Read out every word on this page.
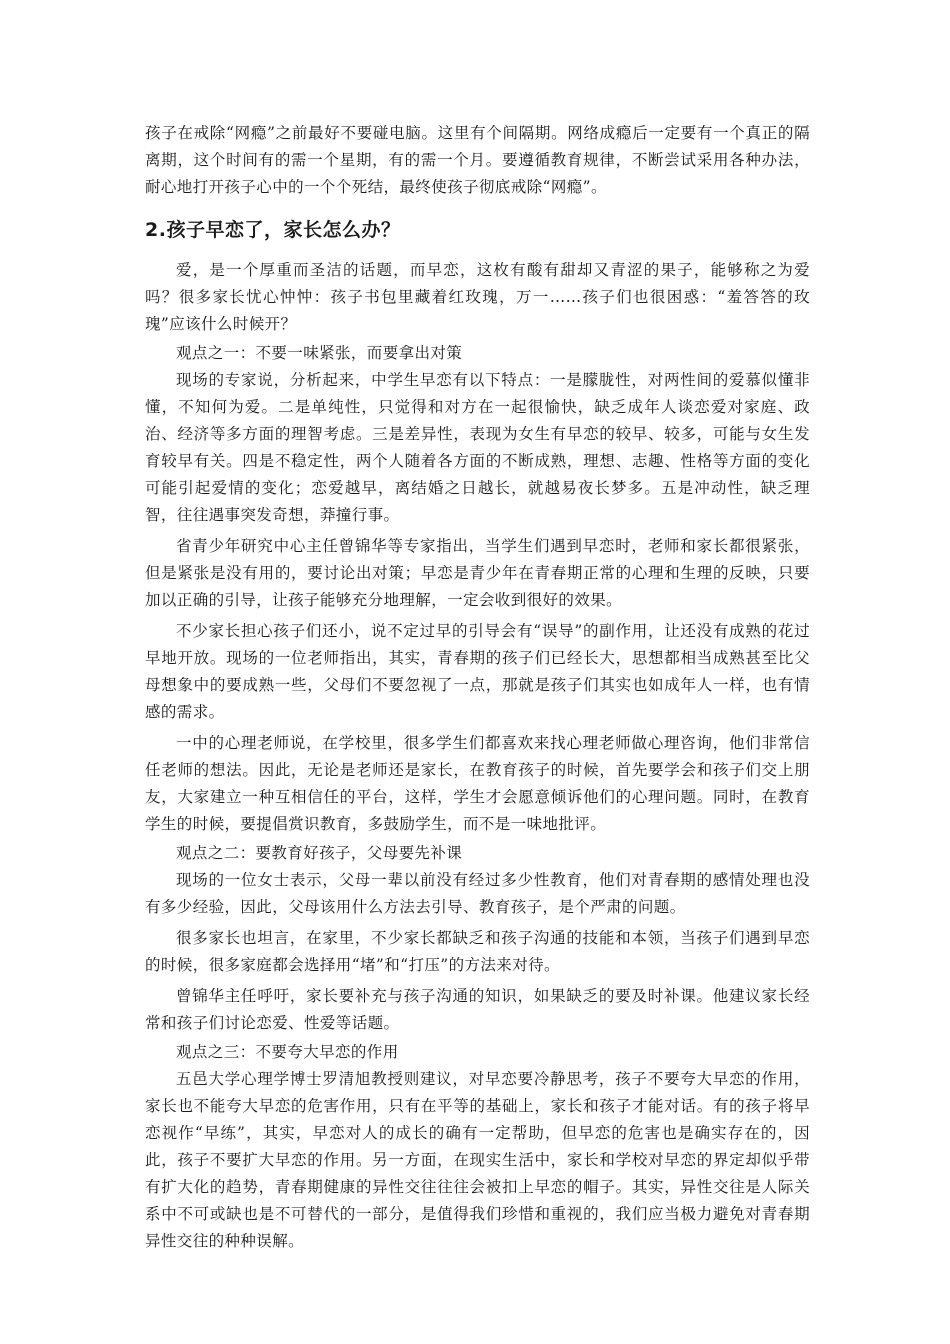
孩子在戒除“网瘾”之前最好不要碰电脑。这里有个间隔期。网络成瘾后一定要有一个真正的隔离期，这个时间有的需一个星期，有的需一个月。要遵循教育规律，不断尝试采用各种办法，耐心地打开孩子心中的一个个死结，最终使孩子彻底戒除“网瘾”。

2.孩子早恋了，家长怎么办？

爱，是一个厚重而圣洁的话题，而早恋，这枚有酸有甜却又青涩的果子，能够称之为爱吗？很多家长忧心忡忡：孩子书包里藏着红玫瑰，万一……孩子们也很困惑：“羞答答的玫瑰”应该什么时候开？

观点之一：不要一味紧张，而要拿出对策

现场的专家说，分析起来，中学生早恋有以下特点：一是朦胧性，对两性间的爱慕似懂非懂，不知何为爱。二是单纯性，只觉得和对方在一起很愉快，缺乏成年人谈恋爱对家庭、政治、经济等多方面的理智考虑。三是差异性，表现为女生有早恋的较早、较多，可能与女生发育较早有关。四是不稳定性，两个人随着各方面的不断成熟，理想、志趣、性格等方面的变化可能引起爱情的变化；恋爱越早，离结婚之日越长，就越易夜长梦多。五是冲动性，缺乏理智，往往遇事突发奇想，莽撞行事。

省青少年研究中心主任曾锦华等专家指出，当学生们遇到早恋时，老师和家长都很紧张，但是紧张是没有用的，要讨论出对策；早恋是青少年在青春期正常的心理和生理的反映，只要加以正确的引导，让孩子能够充分地理解，一定会收到很好的效果。

不少家长担心孩子们还小，说不定过早的引导会有“误导”的副作用，让还没有成熟的花过早地开放。现场的一位老师指出，其实，青春期的孩子们已经长大，思想都相当成熟甚至比父母想象中的要成熟一些，父母们不要忽视了一点，那就是孩子们其实也如成年人一样，也有情感的需求。

一中的心理老师说，在学校里，很多学生们都喜欢来找心理老师做心理咨询，他们非常信任老师的想法。因此，无论是老师还是家长，在教育孩子的时候，首先要学会和孩子们交上朋友，大家建立一种互相信任的平台，这样，学生才会愿意倾诉他们的心理问题。同时，在教育学生的时候，要提倡赏识教育，多鼓励学生，而不是一味地批评。

观点之二：要教育好孩子，父母要先补课

现场的一位女士表示，父母一辈以前没有经过多少性教育，他们对青春期的感情处理也没有多少经验，因此，父母该用什么方法去引导、教育孩子，是个严肃的问题。

很多家长也坦言，在家里，不少家长都缺乏和孩子沟通的技能和本领，当孩子们遇到早恋的时候，很多家庭都会选择用“堵”和“打压”的方法来对待。

曾锦华主任呼吁，家长要补充与孩子沟通的知识，如果缺乏的要及时补课。他建议家长经常和孩子们讨论恋爱、性爱等话题。

观点之三：不要夸大早恋的作用

五邑大学心理学博士罗清旭教授则建议，对早恋要冷静思考，孩子不要夸大早恋的作用，家长也不能夸大早恋的危害作用，只有在平等的基础上，家长和孩子才能对话。有的孩子将早恋视作“早练”，其实，早恋对人的成长的确有一定帮助，但早恋的危害也是确实存在的，因此，孩子不要扩大早恋的作用。另一方面，在现实生活中，家长和学校对早恋的界定却似乎带有扩大化的趋势，青春期健康的异性交往往往会被扣上早恋的帽子。其实，异性交往是人际关系中不可或缺也是不可替代的一部分，是值得我们珍惜和重视的，我们应当极力避免对青春期异性交往的种种误解。
